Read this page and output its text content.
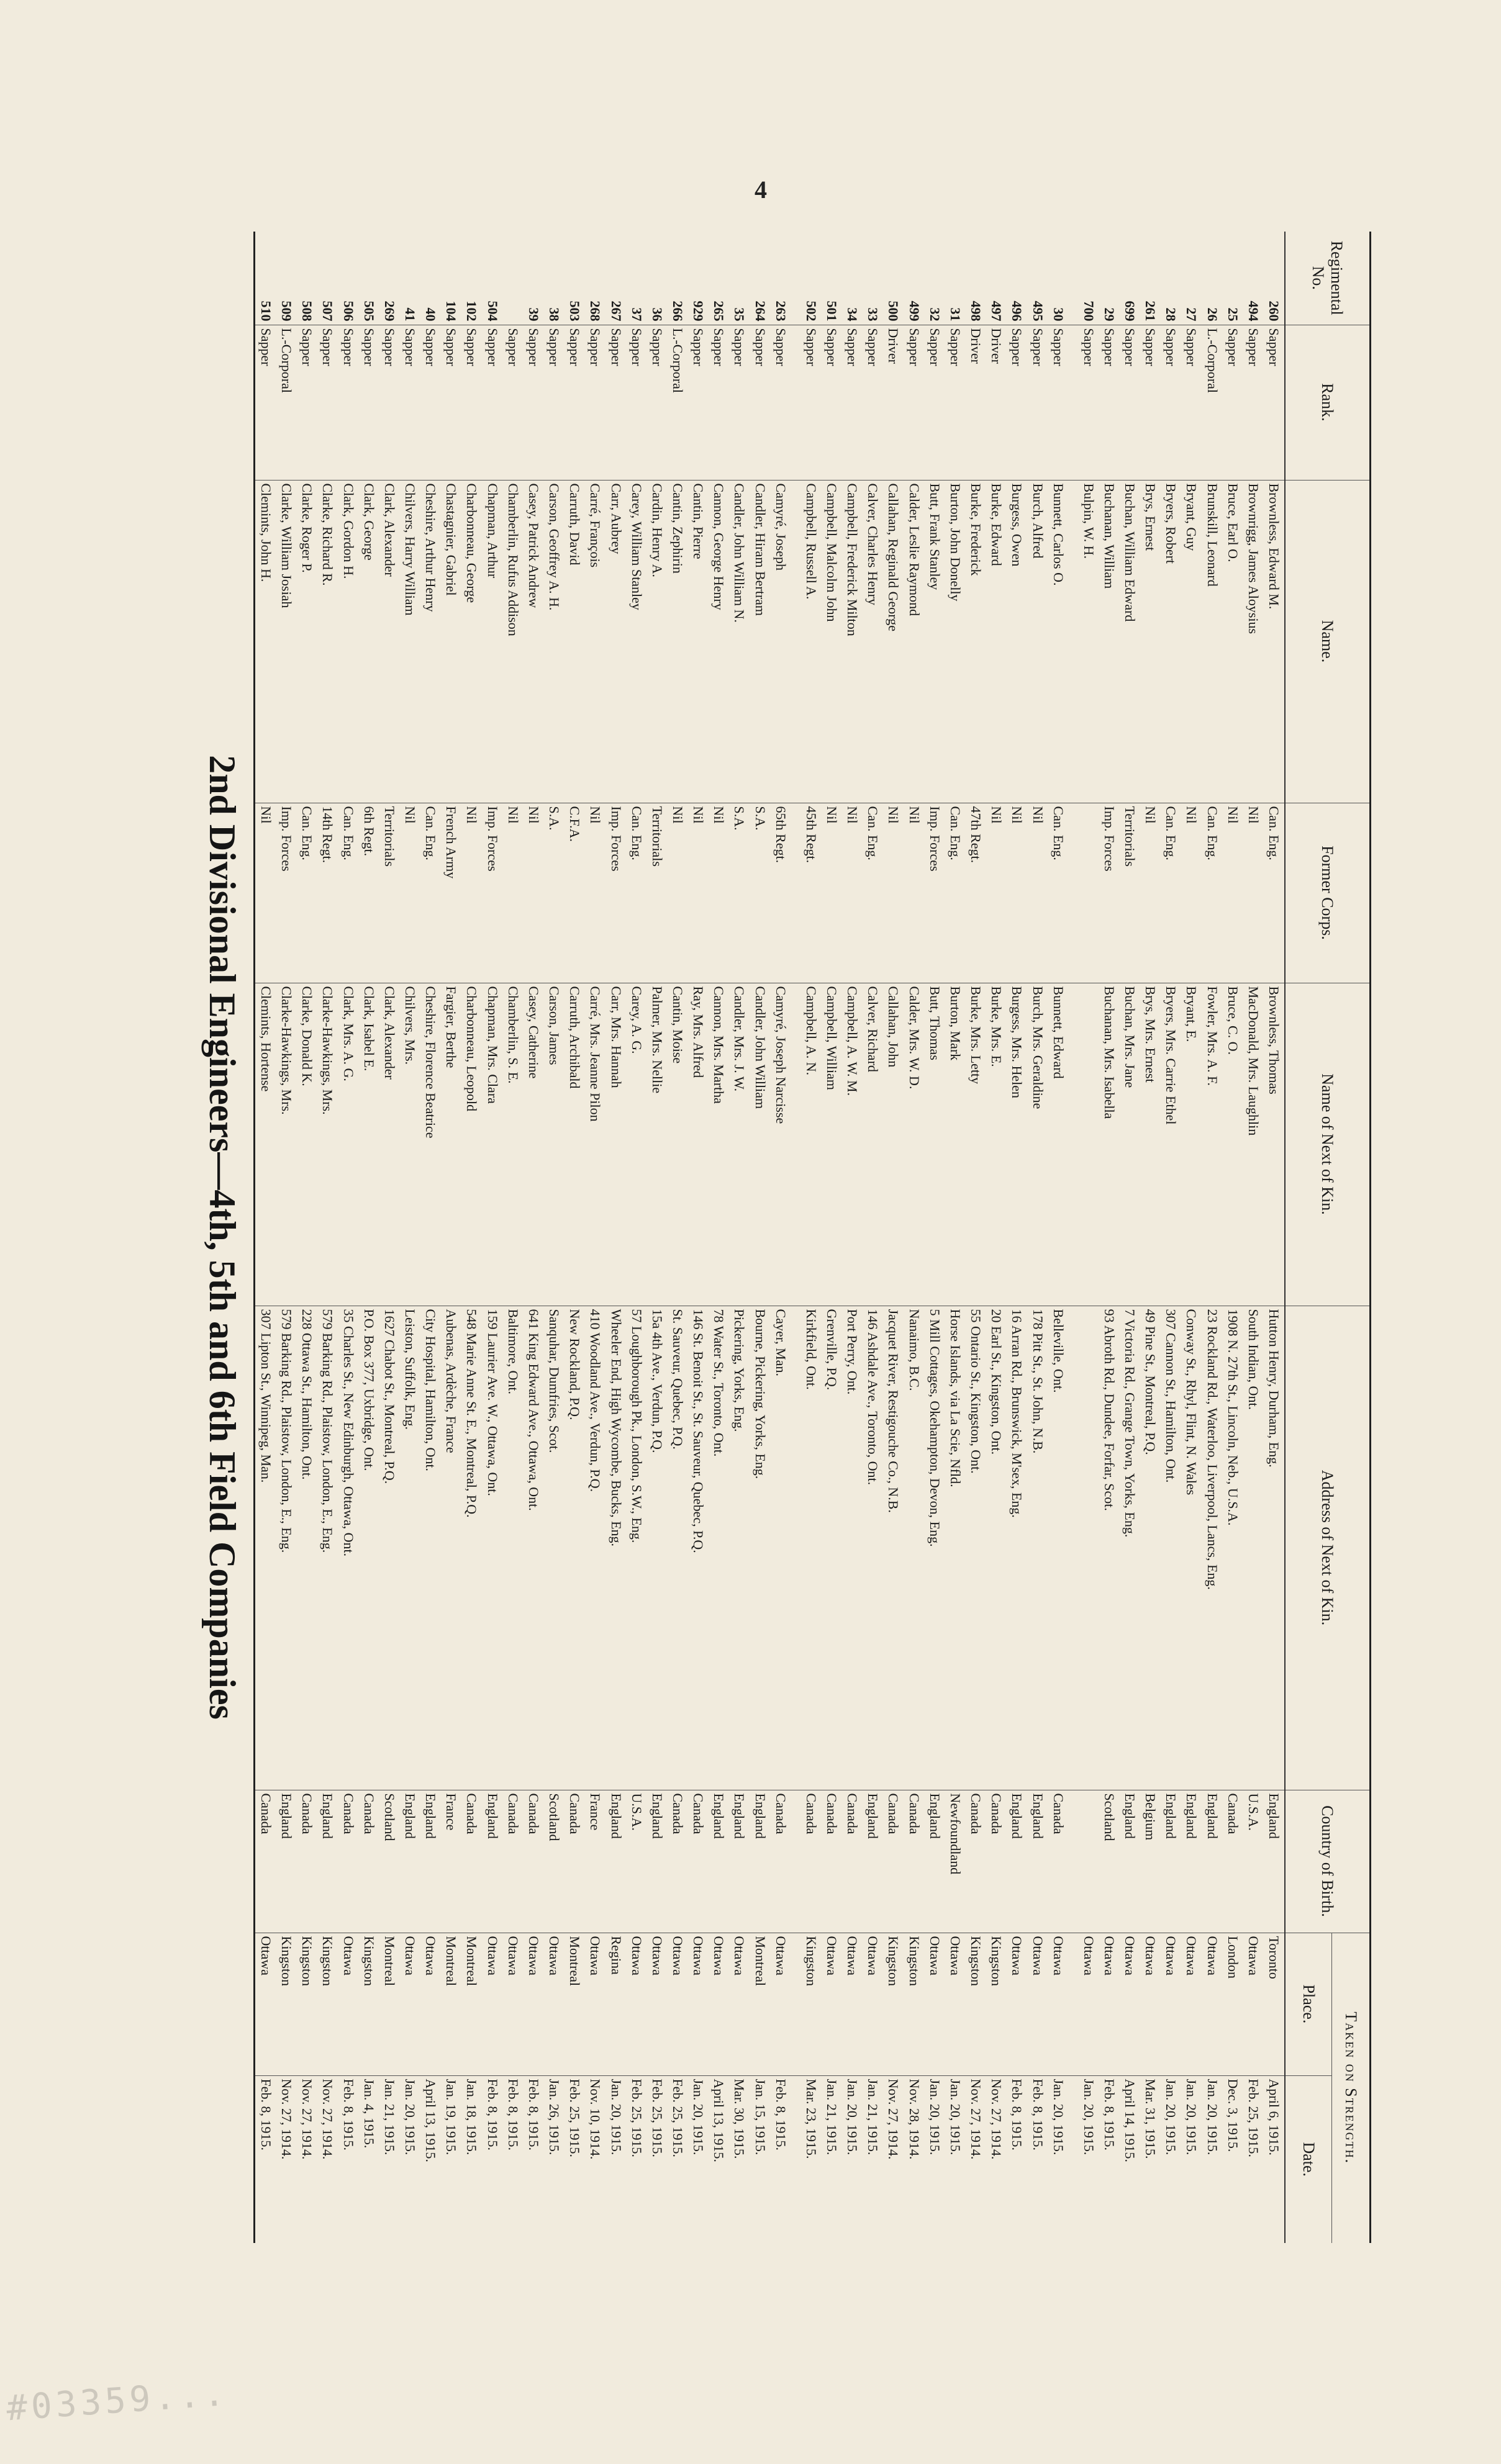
4
#03359...
Regimental No.	Rank.	Name.	Former Corps.	Name of Next of Kin.	Address of Next of Kin.	Country of Birth.	Taken on Strength.	
							Place.	Date.
260	Sapper	Brownless, Edward M.	Can. Eng.	Brownless, Thomas	Hutton Henry, Durham, Eng.	England	Toronto	April 6, 1915.
494	Sapper	Brownrigg, James Aloysius	Nil	MacDonald, Mrs. Laughlin	South Indian, Ont.	U.S.A.	Ottawa	Feb. 25, 1915.
25	Sapper	Bruce, Earl O.	Nil	Bruce, C. O.	1908 N. 27th St., Lincoln, Neb., U.S.A.	Canada	London	Dec. 3, 1915.
26	L.-Corporal	Brunskill, Leonard	Can. Eng.	Fowler, Mrs. A. F.	23 Rockland Rd., Waterloo, Liverpool, Lancs, Eng.	England	Ottawa	Jan. 20, 1915.
27	Sapper	Bryant, Guy	Nil	Bryant, E.	Conway St., Rhyl, Flint, N. Wales	England	Ottawa	Jan. 20, 1915.
28	Sapper	Bryers, Robert	Can. Eng.	Bryers, Mrs. Carrie Ethel	307 Cannon St., Hamilton, Ont.	England	Ottawa	Jan. 20, 1915.
261	Sapper	Brys, Ernest	Nil	Brys, Mrs. Ernest	49 Pine St., Montreal, P.Q.	Belgium	Ottawa	Mar. 31, 1915.
699	Sapper	Buchan, William Edward	Territorials	Buchan, Mrs. Jane	7 Victoria Rd., Grange Town, Yorks, Eng.	England	Ottawa	April 14, 1915.
29	Sapper	Buchanan, William	Imp. Forces	Buchanan, Mrs. Isabella	93 Abroth Rd., Dundee, Forfar, Scot.	Scotland	Ottawa	Feb. 8, 1915.
700	Sapper	Bulpin, W. H.					Ottawa	Jan. 20, 1915.

30	Sapper	Bunnett, Carlos O.	Can. Eng.	Bunnett, Edward	Belleville, Ont.	Canada	Ottawa	Jan. 20, 1915.
495	Sapper	Burch, Alfred	Nil	Burch, Mrs. Geraldine	178 Pitt St., St. John, N.B.	England	Ottawa	Feb. 8, 1915.
496	Sapper	Burgess, Owen	Nil	Burgess, Mrs. Helen	16 Arran Rd., Brunswick, M'sex, Eng.	England	Ottawa	Feb. 8, 1915.
497	Driver	Burke, Edward	Nil	Burke, Mrs. E.	20 Earl St., Kingston, Ont.	Canada	Kingston	Nov. 27, 1914.
498	Driver	Burke, Frederick	47th Regt.	Burke, Mrs. Letty	55 Ontario St., Kingston, Ont.	Canada	Kingston	Nov. 27, 1914.
31	Sapper	Burton, John Donelly	Can. Eng.	Burton, Mark	Horse Islands, via La Scie, Nfld.	Newfoundland	Ottawa	Jan. 20, 1915.
32	Sapper	Butt, Frank Stanley	Imp. Forces	Butt, Thomas	5 Mill Cottages, Okehampton, Devon, Eng.	England	Ottawa	Jan. 20, 1915.
499	Sapper	Calder, Leslie Raymond	Nil	Calder, Mrs. W. D.	Nanaimo, B.C.	Canada	Kingston	Nov. 28, 1914.
500	Driver	Callahan, Reginald George	Nil	Callahan, John	Jacquet River, Restigouche Co., N.B.	Canada	Kingston	Nov. 27, 1914.
33	Sapper	Calver, Charles Henry	Can. Eng.	Calver, Richard	146 Ashdale Ave., Toronto, Ont.	England	Ottawa	Jan. 21, 1915.
34	Sapper	Campbell, Frederick Milton	Nil	Campbell, A. W. M.	Port Perry, Ont.	Canada	Ottawa	Jan. 20, 1915.
501	Sapper	Campbell, Malcolm John	Nil	Campbell, William	Grenville, P.Q.	Canada	Ottawa	Jan. 21, 1915.
502	Sapper	Campbell, Russell A.	45th Regt.	Campbell, A. N.	Kirkfield, Ont.	Canada	Kingston	Mar. 23, 1915.

263	Sapper	Camyré, Joseph	65th Regt.	Camyré, Joseph Narcisse	Cayer, Man.	Canada	Ottawa	Feb. 8, 1915.
264	Sapper	Candler, Hiram Bertram	S.A.	Candler, John William	Bourne, Pickering, Yorks, Eng.	England	Montreal	Jan. 15, 1915.
35	Sapper	Candler, John William N.	S.A.	Candler, Mrs. J. W.	Pickering, Yorks, Eng.	England	Ottawa	Mar. 30, 1915.
265	Sapper	Cannon, George Henry	Nil	Cannon, Mrs. Martha	78 Water St., Toronto, Ont.	England	Ottawa	April 13, 1915.
929	Sapper	Cantin, Pierre	Nil	Ray, Mrs. Alfred	146 St. Benoit St., St. Sauveur, Quebec, P.Q.	Canada	Ottawa	Jan. 20, 1915.
266	L.-Corporal	Cantin, Zephirin	Nil	Cantin, Moise	St. Sauveur, Quebec, P.Q.	Canada	Ottawa	Feb. 25, 1915.
36	Sapper	Cardin, Henry A.	Territorials	Palmer, Mrs. Nellie	15a 4th Ave., Verdun, P.Q.	England	Ottawa	Feb. 25, 1915.
37	Sapper	Carey, William Stanley	Can. Eng.	Carey, A. G.	57 Loughborough Pk., London, S.W., Eng.	U.S.A.	Ottawa	Feb. 25, 1915.
267	Sapper	Carr, Aubrey	Imp. Forces	Carr, Mrs. Hannah	Wheeler End, High Wycombe, Bucks, Eng.	England	Regina	Jan. 20, 1915.
268	Sapper	Carré, François	Nil	Carré, Mrs. Jeanne Pilon	410 Woodland Ave., Verdun, P.Q.	France	Ottawa	Nov. 10, 1914.
503	Sapper	Carruth, David	C.F.A.	Carruth, Archibald	New Rockland, P.Q.	Canada	Montreal	Feb. 25, 1915.
38	Sapper	Carson, Geoffrey A. H.	S.A.	Carson, James	Sanquhar, Dumfries, Scot.	Scotland	Ottawa	Jan. 26, 1915.
39	Sapper	Casey, Patrick Andrew	Nil	Casey, Catherine	641 King Edward Ave., Ottawa, Ont.	Canada	Ottawa	Feb. 8, 1915.
	Sapper	Chamberlin, Rufus Addison	Nil	Chamberlin, S. E.	Baltimore, Ont.	Canada	Ottawa	Feb. 8, 1915.
504	Sapper	Chapman, Arthur	Imp. Forces	Chapman, Mrs. Clara	159 Laurier Ave. W., Ottawa, Ont.	England	Ottawa	Feb. 8, 1915.
102	Sapper	Charbonneau, George	Nil	Charbonneau, Leopold	548 Marie Anne St. E., Montreal, P.Q.	Canada	Montreal	Jan. 18, 1915.
104	Sapper	Chastagnier, Gabriel	French Army	Fargier, Berthe	Aubenas, Ardèche, France	France	Montreal	Jan. 19, 1915.
40	Sapper	Cheshire, Arthur Henry	Can. Eng.	Cheshire, Florence Beatrice	City Hospital, Hamilton, Ont.	England	Ottawa	April 13, 1915.
41	Sapper	Chilvers, Harry William	Nil	Chilvers, Mrs.	Leiston, Suffolk, Eng.	England	Ottawa	Jan. 20, 1915.
269	Sapper	Clark, Alexander	Territorials	Clark, Alexander	1627 Chabot St., Montreal, P.Q.	Scotland	Montreal	Jan. 21, 1915.
505	Sapper	Clark, George	6th Regt.	Clark, Isabel E.	P.O. Box 377, Uxbridge, Ont.	Canada	Kingston	Jan. 4, 1915.
506	Sapper	Clark, Gordon H.	Can. Eng.	Clark, Mrs. A. G.	35 Charles St., New Edinburgh, Ottawa, Ont.	Canada	Ottawa	Feb. 8, 1915.
507	Sapper	Clarke, Richard R.	14th Regt.	Clarke-Hawkings, Mrs.	579 Barking Rd., Plaistow, London, E., Eng.	England	Kingston	Nov. 27, 1914.
508	Sapper	Clarke, Roger P.	Can. Eng.	Clarke, Donald K.	228 Ottawa St., Hamilton, Ont.	Canada	Kingston	Nov. 27, 1914.
509	L.-Corporal	Clarke, William Josiah	Imp. Forces	Clarke-Hawkings, Mrs.	579 Barking Rd., Plaistow, London, E., Eng.	England	Kingston	Nov. 27, 1914.
510	Sapper	Clemints, John H.	Nil	Clemints, Hortense	307 Lipton St., Winnipeg, Man.	Canada	Ottawa	Feb. 8, 1915.
2nd Divisional Engineers—4th, 5th and 6th Field Companies
